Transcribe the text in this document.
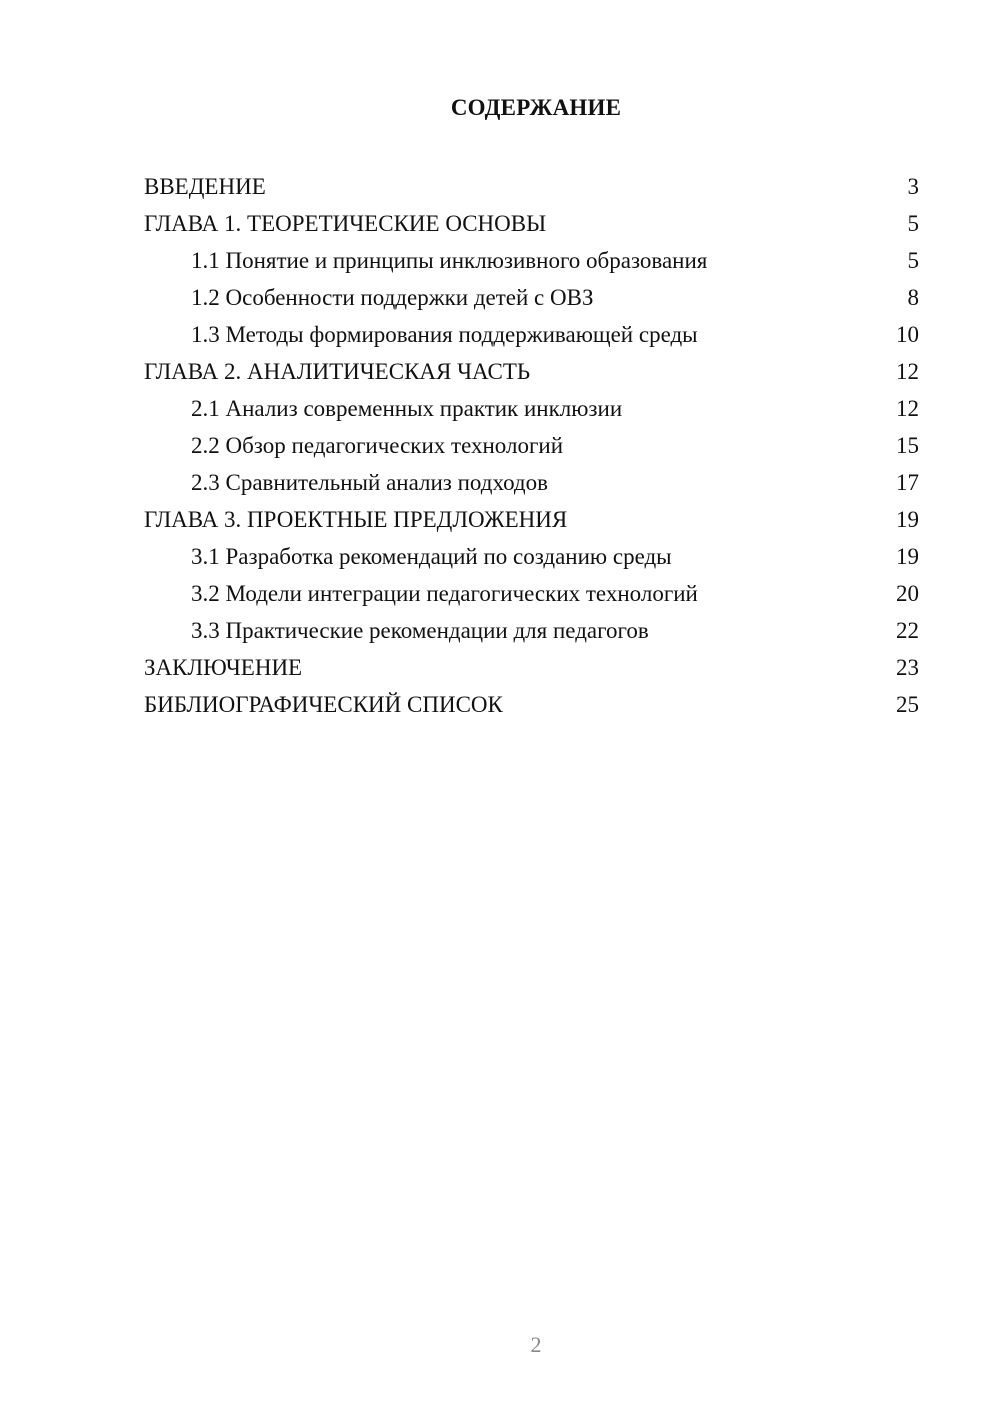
СОДЕРЖАНИЕ
ВВЕДЕНИЕ	3
ГЛАВА 1. ТЕОРЕТИЧЕСКИЕ ОСНОВЫ	5
1.1 Понятие и принципы инклюзивного образования	5
1.2 Особенности поддержки детей с ОВЗ	8
1.3 Методы формирования поддерживающей среды	10
ГЛАВА 2. АНАЛИТИЧЕСКАЯ ЧАСТЬ	12
2.1 Анализ современных практик инклюзии	12
2.2 Обзор педагогических технологий	15
2.3 Сравнительный анализ подходов	17
ГЛАВА 3. ПРОЕКТНЫЕ ПРЕДЛОЖЕНИЯ	19
3.1 Разработка рекомендаций по созданию среды	19
3.2 Модели интеграции педагогических технологий	20
3.3 Практические рекомендации для педагогов	22
ЗАКЛЮЧЕНИЕ	23
БИБЛИОГРАФИЧЕСКИЙ СПИСОК	25
2
